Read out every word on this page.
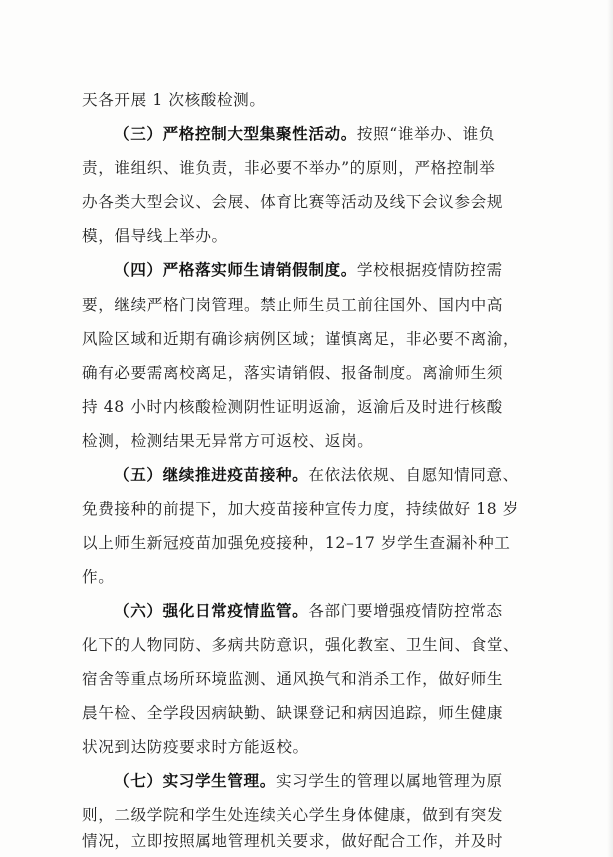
天各开展 1 次核酸检测。
（三）严格控制大型集聚性活动。按照“谁举办、谁负
责，谁组织、谁负责，非必要不举办”的原则，严格控制举
办各类大型会议、会展、体育比赛等活动及线下会议参会规
模，倡导线上举办。
（四）严格落实师生请销假制度。学校根据疫情防控需
要，继续严格门岗管理。禁止师生员工前往国外、国内中高
风险区域和近期有确诊病例区域；谨慎离足，非必要不离渝，
确有必要需离校离足，落实请销假、报备制度。离渝师生须
持 48 小时内核酸检测阴性证明返渝，返渝后及时进行核酸
检测，检测结果无异常方可返校、返岗。
（五）继续推进疫苗接种。在依法依规、自愿知情同意、
免费接种的前提下，加大疫苗接种宣传力度，持续做好 18 岁
以上师生新冠疫苗加强免疫接种，12–17 岁学生查漏补种工
作。
（六）强化日常疫情监管。各部门要增强疫情防控常态
化下的人物同防、多病共防意识，强化教室、卫生间、食堂、
宿舍等重点场所环境监测、通风换气和消杀工作，做好师生
晨午检、全学段因病缺勤、缺课登记和病因追踪，师生健康
状况到达防疫要求时方能返校。
（七）实习学生管理。实习学生的管理以属地管理为原
则，二级学院和学生处连续关心学生身体健康，做到有突发
情况，立即按照属地管理机关要求，做好配合工作，并及时
